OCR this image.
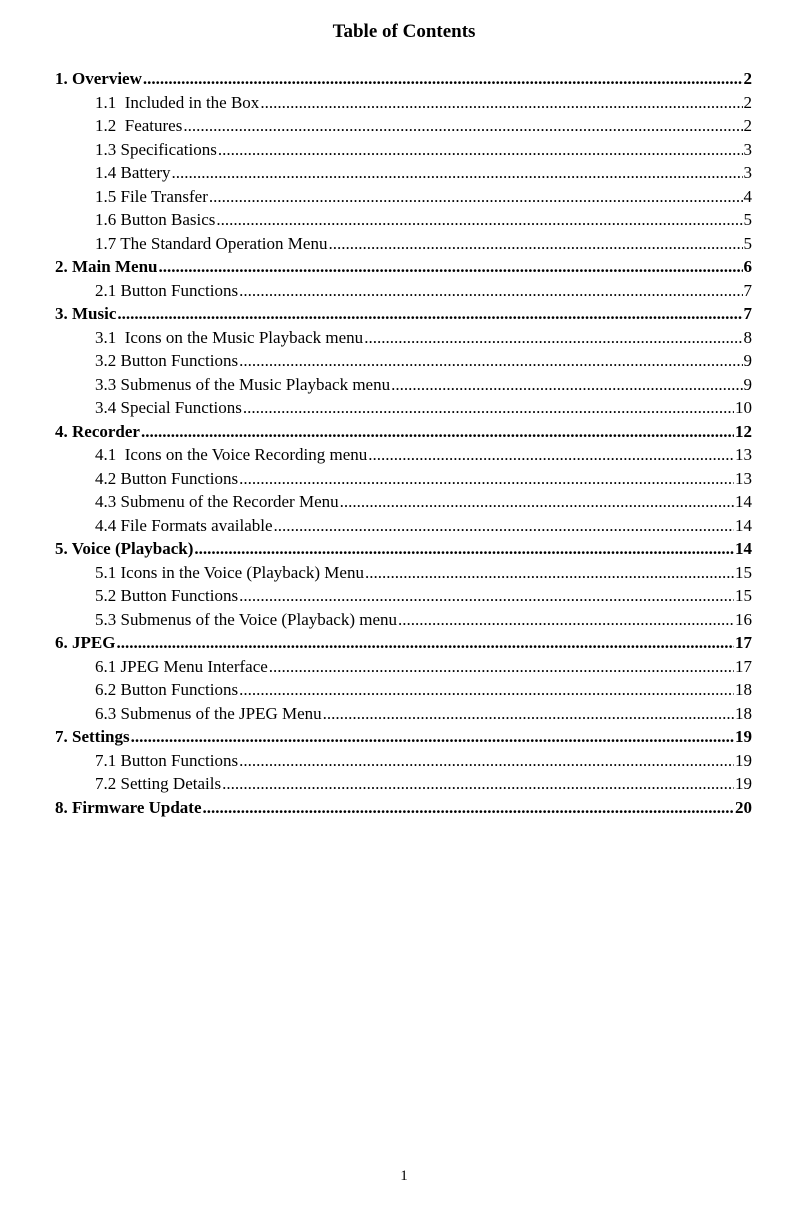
Table of Contents
1. Overview .....	2
1.1  Included in the Box .....	2
1.2  Features .....	2
1.3 Specifications .....	3
1.4 Battery .....	3
1.5 File Transfer .....	4
1.6 Button Basics .....	5
1.7 The Standard Operation Menu .....	5
2. Main Menu .....	6
2.1 Button Functions .....	7
3. Music .....	7
3.1  Icons on the Music Playback menu .....	8
3.2 Button Functions .....	9
3.3 Submenus of the Music Playback menu .....	9
3.4 Special Functions .....	10
4. Recorder .....	12
4.1  Icons on the Voice Recording menu .....	13
4.2 Button Functions .....	13
4.3 Submenu of the Recorder Menu .....	14
4.4 File Formats available .....	14
5. Voice (Playback) .....	14
5.1 Icons in the Voice (Playback) Menu .....	15
5.2 Button Functions .....	15
5.3 Submenus of the Voice (Playback) menu .....	16
6. JPEG .....	17
6.1 JPEG Menu Interface .....	17
6.2 Button Functions .....	18
6.3 Submenus of the JPEG Menu .....	18
7. Settings .....	19
7.1 Button Functions .....	19
7.2 Setting Details .....	19
8. Firmware Update .....	20
1
